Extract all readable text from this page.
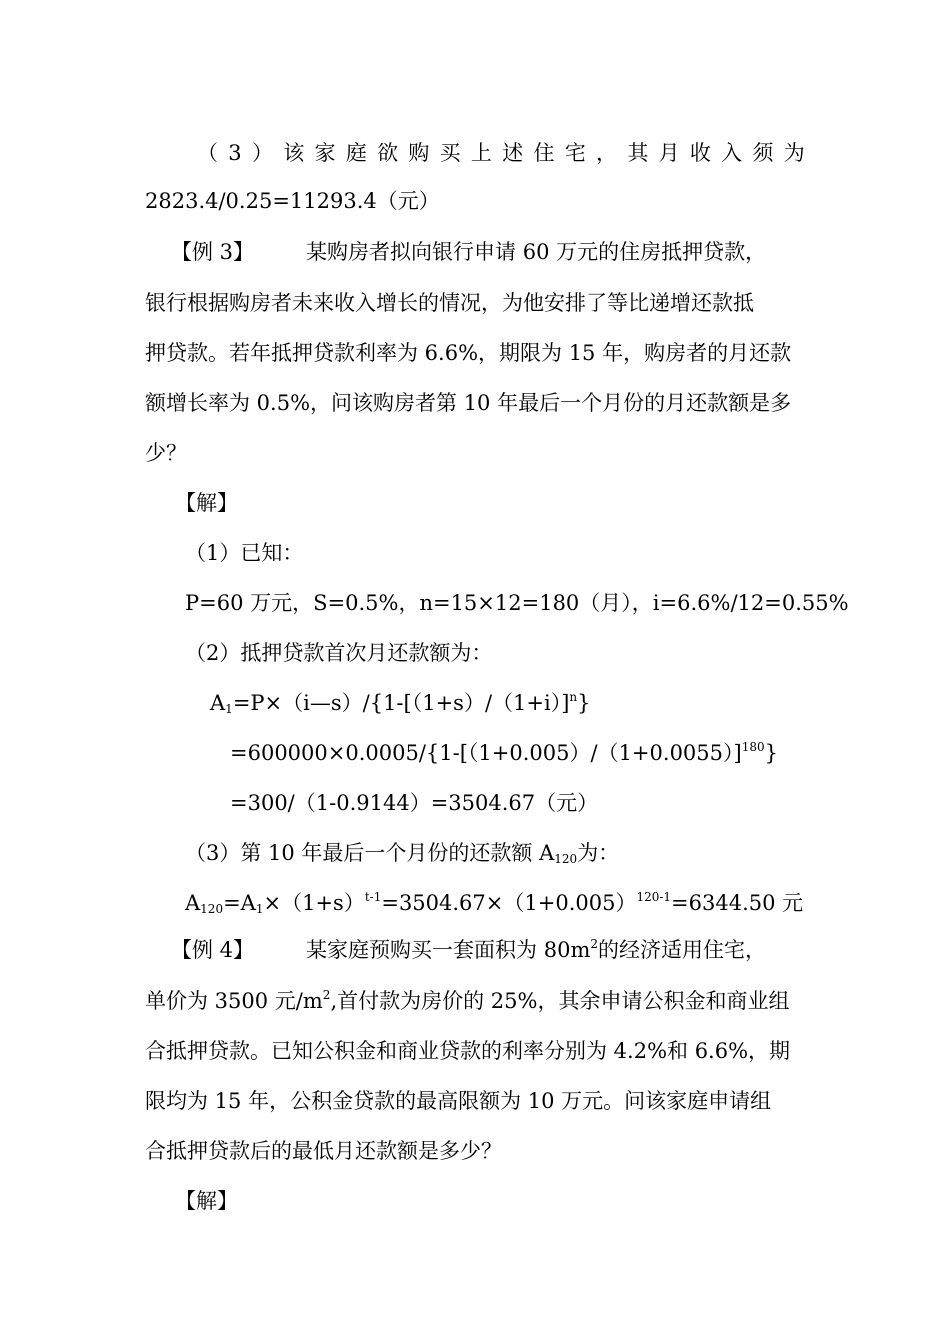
（ 3 ） 该 家 庭 欲 购 买 上 述 住 宅 ， 其 月 收 入 须 为
2823.4/0.25=11293.4（元）
【例 3】 某购房者拟向银行申请 60 万元的住房抵押贷款，
银行根据购房者未来收入增长的情况，为他安排了等比递增还款抵
押贷款。若年抵押贷款利率为 6.6%，期限为 15 年，购房者的月还款
额增长率为 0.5%，问该购房者第 10 年最后一个月份的月还款额是多
少？
【解】
（1）已知：
P=60 万元，S=0.5%，n=15×12=180（月），i=6.6%/12=0.55%
（2）抵押贷款首次月还款额为：
$A_1=P\times(i—s)/\{1-[(1+s)/(1+i)]^n\}$
$=600000\times 0.0005/\{1-[(1+0.005)/(1+0.0055)]^{180}\}$
=300/（1-0.9144）=3504.67（元）
（3）第 10 年最后一个月份的还款额 $A_{120}$为：
$A_{120}=A_1\times(1+s)^{t-1}=3504.67\times(1+0.005)^{120-1}=6344.50$ 元
【例 4】 某家庭预购买一套面积为 $80m^2$的经济适用住宅，
单价为 3500 元$/m^2$,首付款为房价的 25%，其余申请公积金和商业组
合抵押贷款。已知公积金和商业贷款的利率分别为 4.2%和 6.6%，期
限均为 15 年，公积金贷款的最高限额为 10 万元。问该家庭申请组
合抵押贷款后的最低月还款额是多少？
【解】
